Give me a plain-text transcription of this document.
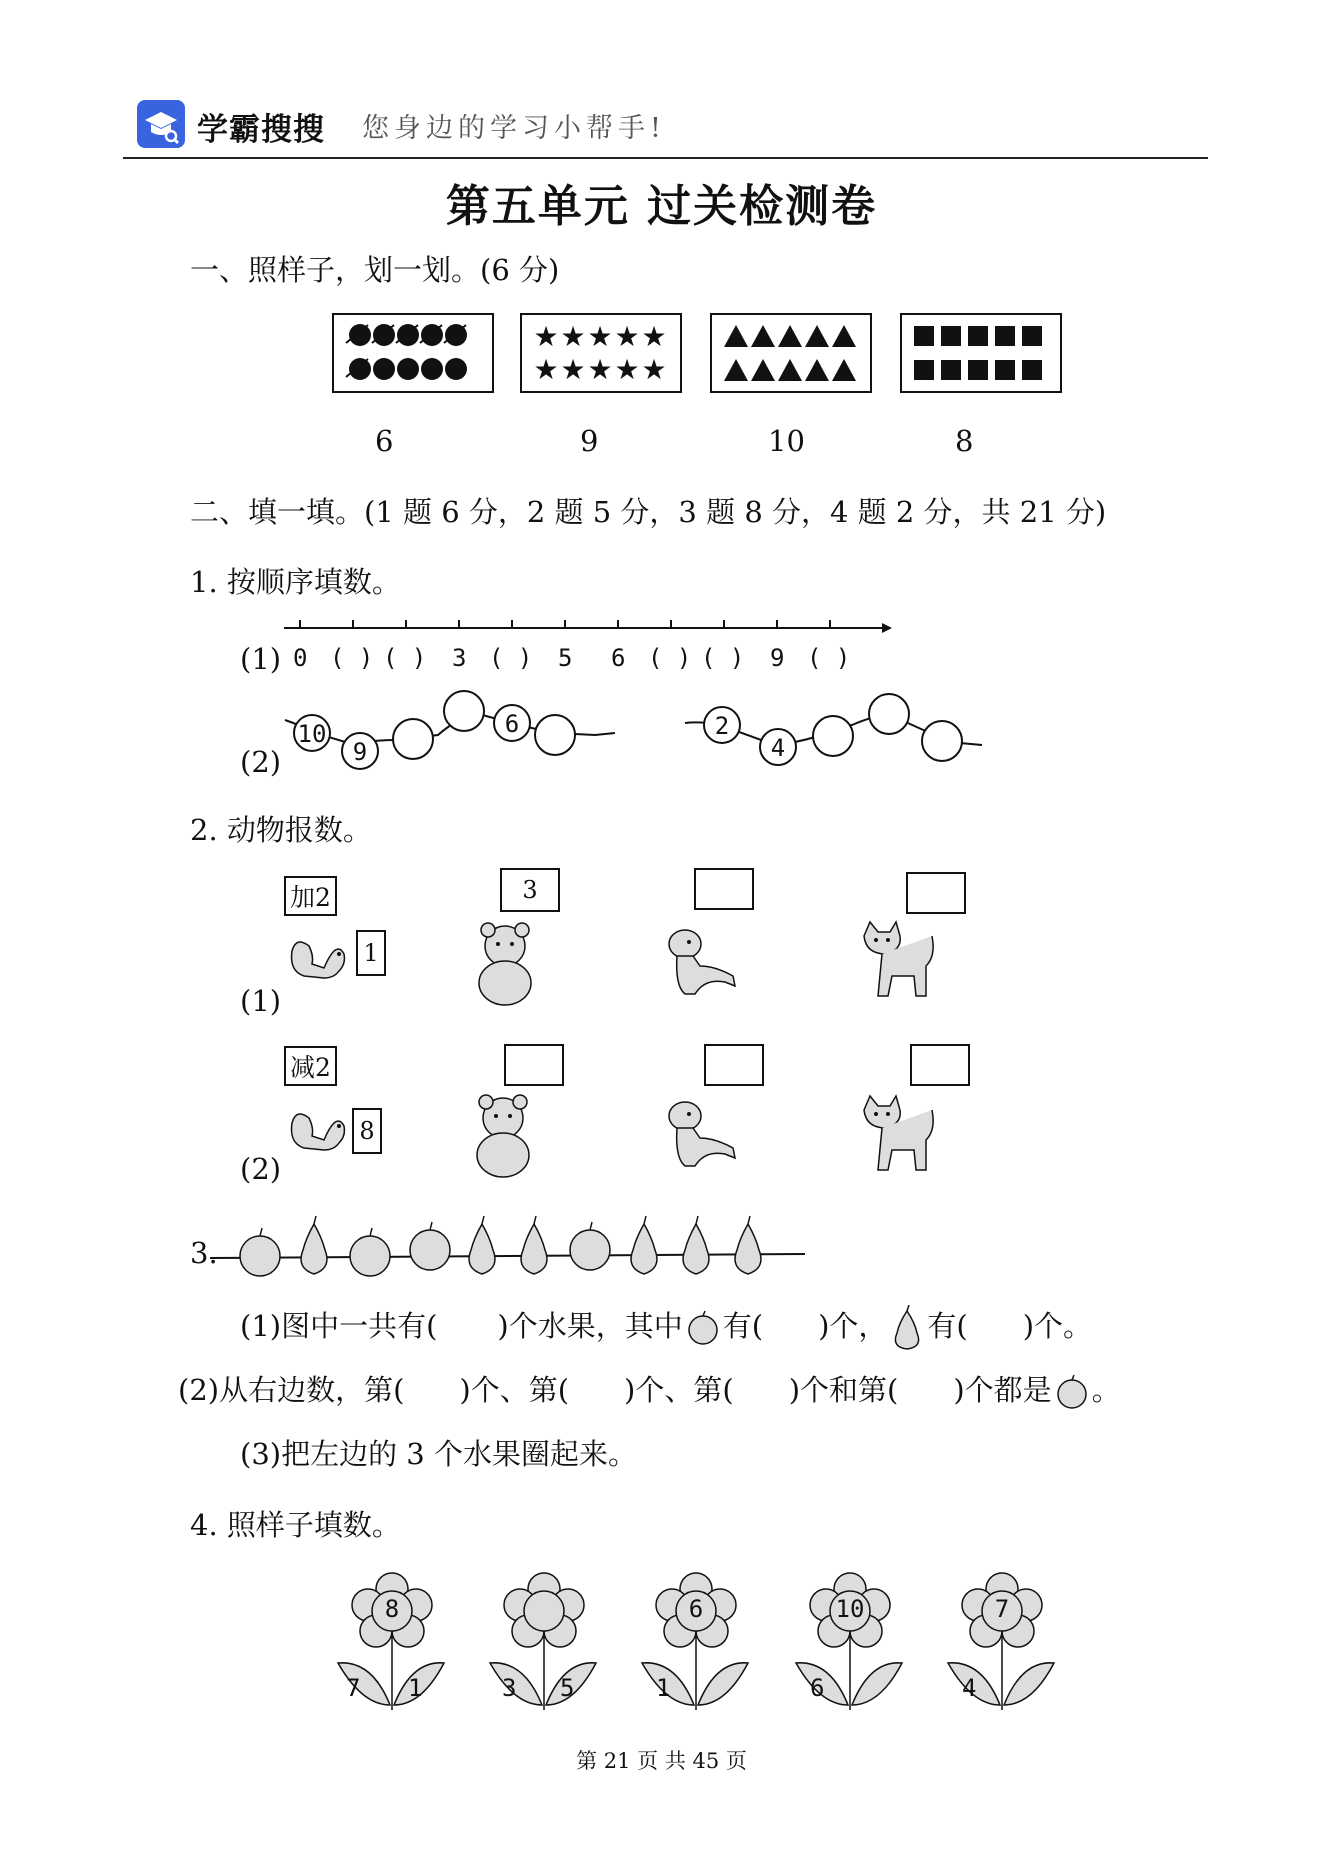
学霸搜搜 您身边的学习小帮手!
第五单元 过关检测卷
一、照样子，划一划。(6 分)
★ ★ ★ ★ ★
★ ★ ★ ★ ★
6	9	10	8
二、填一填。(1 题 6 分，2 题 5 分，3 题 8 分，4 题 2 分，共 21 分)
1. 按顺序填数。
(1) 0 ( ) ( ) 3 ( ) 5 6 ( ) ( ) 9 ( )
(2)
10
9
6	2
4
2. 动物报数。
(1)
加2
1
3
(2)
减2
8
3.
(1)图中一共有( )个水果，其中 有( )个， 有( )个。
(2)从右边数，第( )个、第( )个、第( )个和第( )个都是 。
(3)把左边的 3 个水果圈起来。
4. 照样子填数。
8
7 1	3 5
6
1
10
6
7
4
第 21 页 共 45 页
